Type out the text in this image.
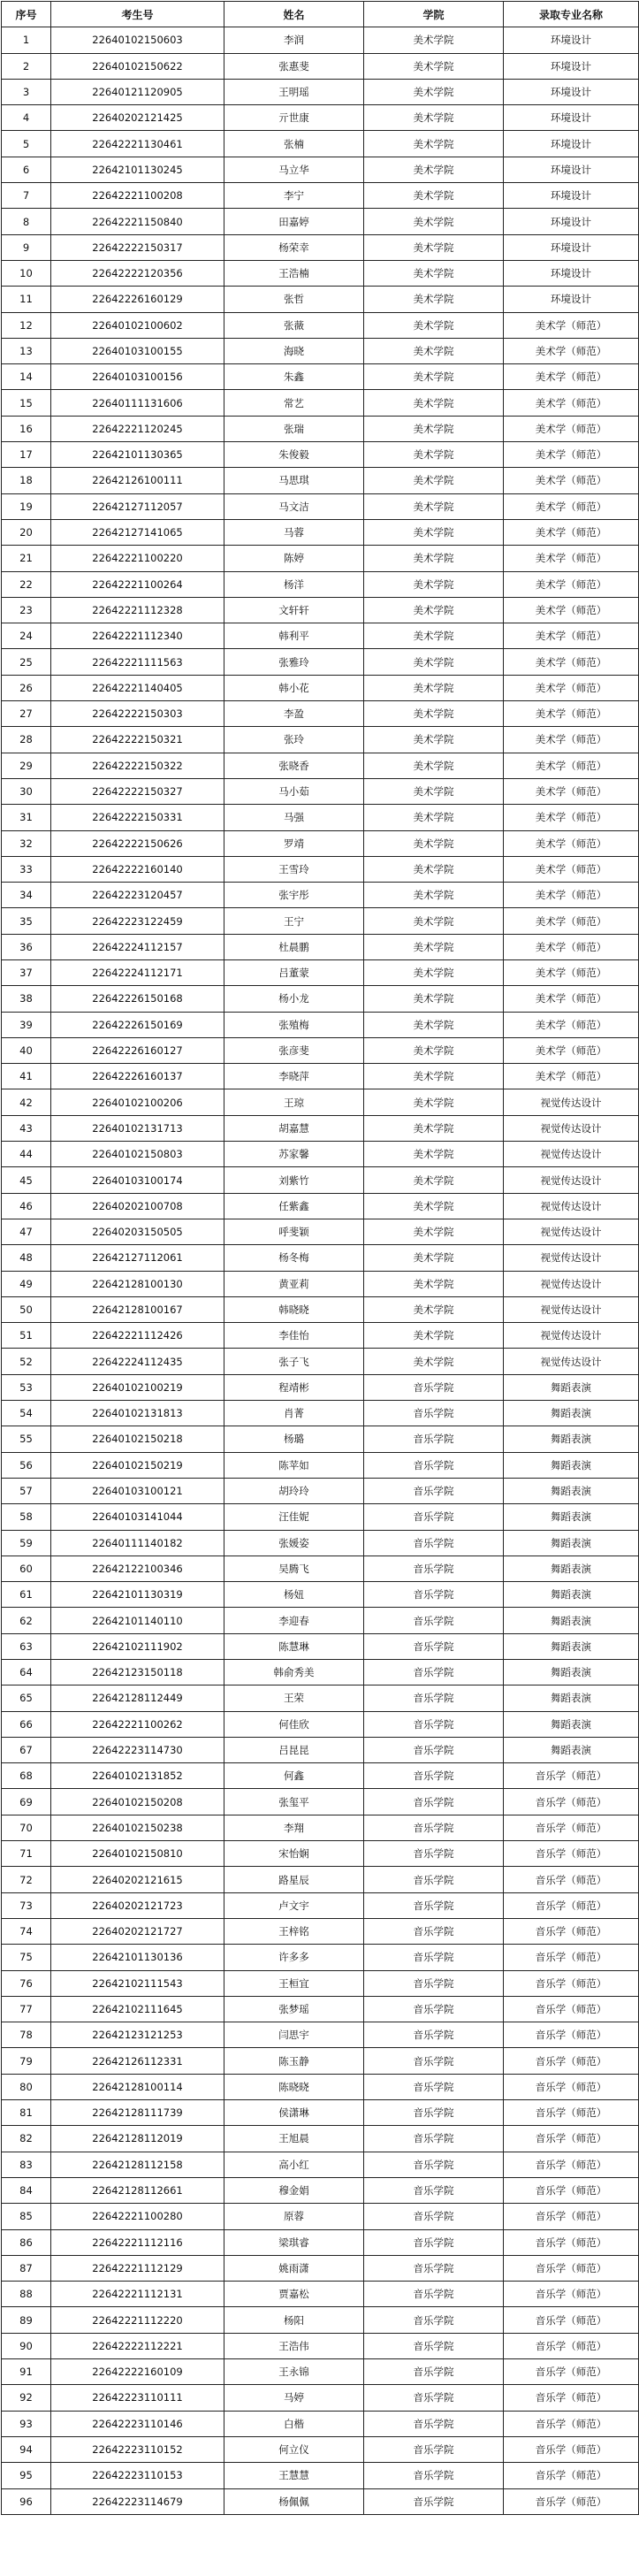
序号	考生号	姓名	学院	录取专业名称
1	22640102150603	李润	美术学院	环境设计
2	22640102150622	张惠斐	美术学院	环境设计
3	22640121120905	王明瑶	美术学院	环境设计
4	22640202121425	亓世康	美术学院	环境设计
5	22642221130461	张楠	美术学院	环境设计
6	22642101130245	马立华	美术学院	环境设计
7	22642221100208	李宁	美术学院	环境设计
8	22642221150840	田嘉婷	美术学院	环境设计
9	22642222150317	杨荣幸	美术学院	环境设计
10	22642222120356	王浩楠	美术学院	环境设计
11	22642226160129	张哲	美术学院	环境设计
12	22640102100602	张薇	美术学院	美术学（师范）
13	22640103100155	海晓	美术学院	美术学（师范）
14	22640103100156	朱鑫	美术学院	美术学（师范）
15	22640111131606	常艺	美术学院	美术学（师范）
16	22642221120245	张瑞	美术学院	美术学（师范）
17	22642101130365	朱俊毅	美术学院	美术学（师范）
18	22642126100111	马思琪	美术学院	美术学（师范）
19	22642127112057	马文洁	美术学院	美术学（师范）
20	22642127141065	马蓉	美术学院	美术学（师范）
21	22642221100220	陈婷	美术学院	美术学（师范）
22	22642221100264	杨洋	美术学院	美术学（师范）
23	22642221112328	文轩轩	美术学院	美术学（师范）
24	22642221112340	韩利平	美术学院	美术学（师范）
25	22642221111563	张雅玲	美术学院	美术学（师范）
26	22642221140405	韩小花	美术学院	美术学（师范）
27	22642222150303	李盈	美术学院	美术学（师范）
28	22642222150321	张玲	美术学院	美术学（师范）
29	22642222150322	张晓香	美术学院	美术学（师范）
30	22642222150327	马小茹	美术学院	美术学（师范）
31	22642222150331	马强	美术学院	美术学（师范）
32	22642222150626	罗靖	美术学院	美术学（师范）
33	22642222160140	王雪玲	美术学院	美术学（师范）
34	22642223120457	张宇彤	美术学院	美术学（师范）
35	22642223122459	王宁	美术学院	美术学（师范）
36	22642224112157	杜晨鹏	美术学院	美术学（师范）
37	22642224112171	吕董蒙	美术学院	美术学（师范）
38	22642226150168	杨小龙	美术学院	美术学（师范）
39	22642226150169	张殖梅	美术学院	美术学（师范）
40	22642226160127	张彦斐	美术学院	美术学（师范）
41	22642226160137	李晓萍	美术学院	美术学（师范）
42	22640102100206	王琼	美术学院	视觉传达设计
43	22640102131713	胡嘉慧	美术学院	视觉传达设计
44	22640102150803	苏家馨	美术学院	视觉传达设计
45	22640103100174	刘紫竹	美术学院	视觉传达设计
46	22640202100708	任紫鑫	美术学院	视觉传达设计
47	22640203150505	呼斐颖	美术学院	视觉传达设计
48	22642127112061	杨冬梅	美术学院	视觉传达设计
49	22642128100130	黄亚莉	美术学院	视觉传达设计
50	22642128100167	韩晓晓	美术学院	视觉传达设计
51	22642221112426	李佳怡	美术学院	视觉传达设计
52	22642224112435	张子飞	美术学院	视觉传达设计
53	22640102100219	程靖彬	音乐学院	舞蹈表演
54	22640102131813	肖菁	音乐学院	舞蹈表演
55	22640102150218	杨璐	音乐学院	舞蹈表演
56	22640102150219	陈苹如	音乐学院	舞蹈表演
57	22640103100121	胡玲玲	音乐学院	舞蹈表演
58	22640103141044	汪佳妮	音乐学院	舞蹈表演
59	22640111140182	张媛姿	音乐学院	舞蹈表演
60	22642122100346	吴腾飞	音乐学院	舞蹈表演
61	22642101130319	杨妞	音乐学院	舞蹈表演
62	22642101140110	李迎春	音乐学院	舞蹈表演
63	22642102111902	陈慧琳	音乐学院	舞蹈表演
64	22642123150118	韩俞秀美	音乐学院	舞蹈表演
65	22642128112449	王荣	音乐学院	舞蹈表演
66	22642221100262	何佳欣	音乐学院	舞蹈表演
67	22642223114730	吕昆昆	音乐学院	舞蹈表演
68	22640102131852	何鑫	音乐学院	音乐学（师范）
69	22640102150208	张玺平	音乐学院	音乐学（师范）
70	22640102150238	李翔	音乐学院	音乐学（师范）
71	22640102150810	宋怡娴	音乐学院	音乐学（师范）
72	22640202121615	路星辰	音乐学院	音乐学（师范）
73	22640202121723	卢文宇	音乐学院	音乐学（师范）
74	22640202121727	王梓铭	音乐学院	音乐学（师范）
75	22642101130136	许多多	音乐学院	音乐学（师范）
76	22642102111543	王桓宜	音乐学院	音乐学（师范）
77	22642102111645	张梦瑶	音乐学院	音乐学（师范）
78	22642123121253	闫思宇	音乐学院	音乐学（师范）
79	22642126112331	陈玉静	音乐学院	音乐学（师范）
80	22642128100114	陈晓晓	音乐学院	音乐学（师范）
81	22642128111739	侯潇琳	音乐学院	音乐学（师范）
82	22642128112019	王旭晨	音乐学院	音乐学（师范）
83	22642128112158	高小红	音乐学院	音乐学（师范）
84	22642128112661	穆金娟	音乐学院	音乐学（师范）
85	22642221100280	原蓉	音乐学院	音乐学（师范）
86	22642221112116	梁琪睿	音乐学院	音乐学（师范）
87	22642221112129	姚雨潇	音乐学院	音乐学（师范）
88	22642221112131	贾嘉松	音乐学院	音乐学（师范）
89	22642221112220	杨阳	音乐学院	音乐学（师范）
90	22642222112221	王浩伟	音乐学院	音乐学（师范）
91	22642222160109	王永锦	音乐学院	音乐学（师范）
92	22642223110111	马婷	音乐学院	音乐学（师范）
93	22642223110146	白楷	音乐学院	音乐学（师范）
94	22642223110152	何立仪	音乐学院	音乐学（师范）
95	22642223110153	王慧慧	音乐学院	音乐学（师范）
96	22642223114679	杨佩佩	音乐学院	音乐学（师范）
